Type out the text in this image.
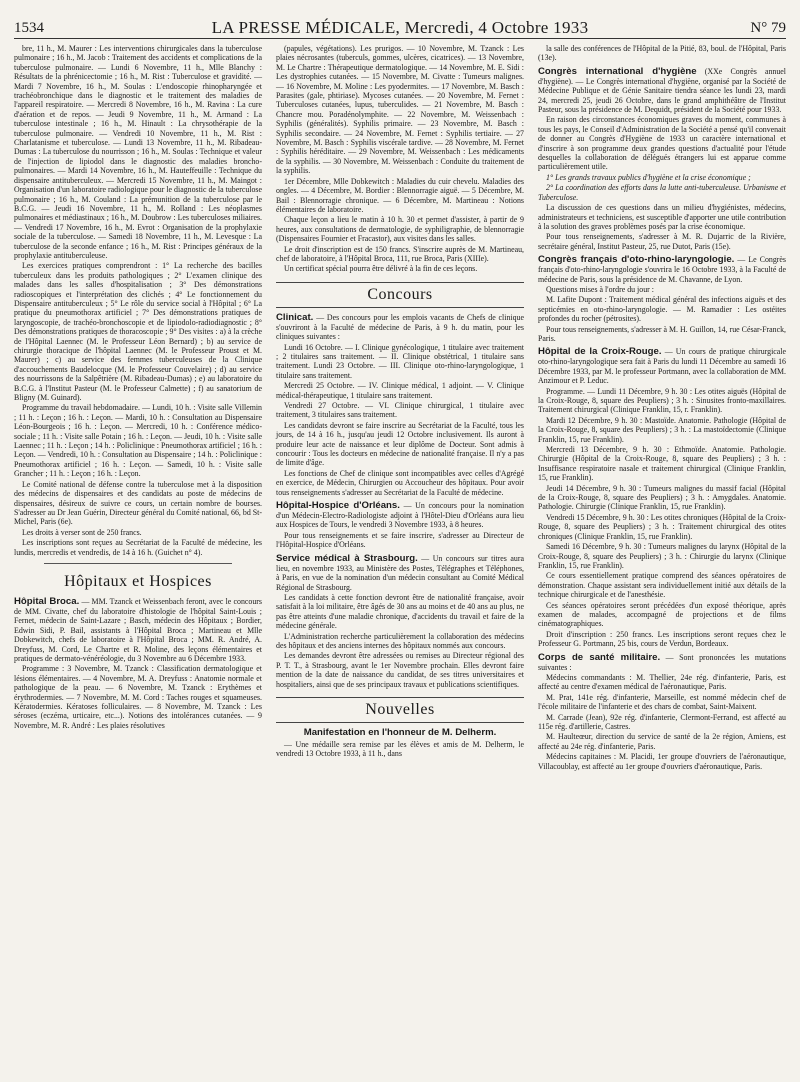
1534	LA PRESSE MÉDICALE, Mercredi, 4 Octobre 1933	N° 79

bre, 11 h., M. Maurer : Les interventions chirurgicales dans la tuberculose pulmonaire ; 16 h., M. Jacob : Traitement des accidents et complications de la tuberculose pulmonaire. — Lundi 6 Novembre, 11 h., Mlle Blanchy : Résultats de la phrénicectomie ; 16 h., M. Rist : Tuberculose et gravidité. — Mardi 7 Novembre, 16 h., M. Soulas : L'endoscopie rhinopharyngée et trachéobronchique dans le diagnostic et le traitement des maladies de l'appareil respiratoire. — Mercredi 8 Novembre, 16 h., M. Ravina : La cure d'aération et de repos. — Jeudi 9 Novembre, 11 h., M. Armand : La tuberculose intestinale ; 16 h., M. Hinault : La chrysothérapie de la tuberculose pulmonaire. — Vendredi 10 Novembre, 11 h., M. Rist : Charlatanisme et tuberculose. — Lundi 13 Novembre, 11 h., M. Ribadeau-Dumas : La tuberculose du nourrisson ; 16 h., M. Soulas : Technique et valeur de l'injection de lipiodol dans le diagnostic des maladies broncho-pulmonaires. — Mardi 14 Novembre, 16 h., M. Hauteffeuille : Technique du dispensaire antituberculeux. — Mercredi 15 Novembre, 11 h., M. Maingot : Organisation d'un laboratoire radiologique pour le diagnostic de la tuberculose pulmonaire ; 16 h., M. Couland : La prémunition de la tuberculose par le B.C.G. — Jeudi 16 Novembre, 11 h., M. Rolland : Les néoplasmes pulmonaires et médiastinaux ; 16 h., M. Doubrow : Les tuberculoses miliaires. — Vendredi 17 Novembre, 16 h., M. Evrot : Organisation de la prophylaxie sociale de la tuberculose. — Samedi 18 Novembre, 11 h., M. Levesque : La tuberculose de la seconde enfance ; 16 h., M. Rist : Principes généraux de la prophylaxie antituberculeuse.

Les exercices pratiques comprendront : 1° La recherche des bacilles tuberculeux dans les produits pathologiques ; 2° L'examen clinique des malades dans les salles d'hospitalisation ; 3° Des démonstrations radioscopiques et l'interprétation des clichés ; 4° Le fonctionnement du Dispensaire antituberculeux ; 5° Le rôle du service social à l'Hôpital ; 6° La pratique du pneumothorax artificiel ; 7° Des démonstrations pratiques de laryngoscopie, de trachéo-bronchoscopie et de lipiodolo-radiodiagnostic ; 8° Des démonstrations pratiques de thoracoscopie ; 9° Des visites : a) à la crèche de l'Hôpital Laennec (M. le Professeur Léon Bernard) ; b) au service de chirurgie thoracique de l'hôpital Laennec (M. le Professeur Proust et M. Maurer) ; c) au service des femmes tuberculeuses de la Clinique d'accouchements Baudelocque (M. le Professeur Couvelaire) ; d) au service des nourrissons de la Salpêtrière (M. Ribadeau-Dumas) ; e) au laboratoire du B.C.G. à l'Institut Pasteur (M. le Professeur Calmette) ; f) au sanatorium de Bligny (M. Guinard).

Programme du travail hebdomadaire. — Lundi, 10 h. : Visite salle Villemin ; 11 h. : Leçon ; 16 h. : Leçon. — Mardi, 10 h. : Consultation au Dispensaire Léon-Bourgeois ; 16 h. : Leçon. — Mercredi, 10 h. : Conférence médico-sociale ; 11 h. : Visite salle Potain ; 16 h. : Leçon. — Jeudi, 10 h. : Visite salle Laennec ; 11 h. : Leçon ; 14 h. : Policlinique : Pneumothorax artificiel ; 16 h. : Leçon. — Vendredi, 10 h. : Consultation au Dispensaire ; 14 h. : Policlinique : Pneumothorax artificiel ; 16 h. : Leçon. — Samedi, 10 h. : Visite salle Grancher ; 11 h. : Leçon ; 16 h. : Leçon.

Le Comité national de défense contre la tuberculose met à la disposition des médecins de dispensaires et des candidats au poste de médecins de dispensaires, désireux de suivre ce cours, un certain nombre de bourses. S'adresser au Dr Jean Guérin, Directeur général du Comité national, 66, bd St-Michel, Paris (6e).

Les droits à verser sont de 250 francs.

Les inscriptions sont reçues au Secrétariat de la Faculté de médecine, les lundis, mercredis et vendredis, de 14 à 16 h. (Guichet n° 4).

Hôpitaux et Hospices

Hôpital Broca. — MM. Tzanck et Weissenbach feront, avec le concours de MM. Civatte, chef du laboratoire d'histologie de l'hôpital Saint-Louis ; Fernet, médecin de Saint-Lazare ; Basch, médecin des Hôpitaux ; Bordier, Edwin Sidi, P. Bail, assistants à l'Hôpital Broca ; Martineau et Mlle Dobkewitch, chefs de laboratoire à l'Hôpital Broca ; MM. R. André, A. Dreyfuss, M. Cord, Le Chartre et R. Moline, des leçons élémentaires et pratiques de dermato-vénéréologie, du 3 Novembre au 6 Décembre 1933.

Programme : 3 Novembre, M. Tzanck : Classification dermatologique et lésions élémentaires. — 4 Novembre, M. A. Dreyfuss : Anatomie normale et pathologique de la peau. — 6 Novembre, M. Tzanck : Erythèmes et érythrodermies. — 7 Novembre, M. M. Cord : Taches rouges et squameuses. Kératodermies. Kératoses folliculaires. — 8 Novembre, M. Tzanck : Les séroses (eczéma, urticaire, etc...). Notions des intolérances cutanées. — 9 Novembre, M. R. André : Les plaies résolutives

(papules, végétations). Les prurigos. — 10 Novembre, M. Tzanck : Les plaies nécrosantes (tuberculs, gommes, ulcères, cicatrices). — 13 Novembre, M. Le Chartre : Thérapeutique dermatologique. — 14 Novembre, M. E. Sidi : Les dystrophies cutanées. — 15 Novembre, M. Civatte : Tumeurs malignes. — 16 Novembre, M. Moline : Les pyodermites. — 17 Novembre, M. Basch : Parasites (gale, phtiriase). Mycoses cutanées. — 20 Novembre, M. Fernet : Tuberculoses cutanées, lupus, tuberculides. — 21 Novembre, M. Basch : Chancre mou. Poradénolymphite. — 22 Novembre, M. Weissenbach : Syphilis (généralités). Syphilis primaire. — 23 Novembre, M. Basch : Syphilis secondaire. — 24 Novembre, M. Fernet : Syphilis tertiaire. — 27 Novembre, M. Basch : Syphilis viscérale tardive. — 28 Novembre, M. Fernet : Syphilis héréditaire. — 29 Novembre, M. Weissenbach : Les médicaments de la syphilis. — 30 Novembre, M. Weissenbach : Conduite du traitement de la syphilis.

1er Décembre, Mlle Dobkewitch : Maladies du cuir chevelu. Maladies des ongles. — 4 Décembre, M. Bordier : Blennorragie aiguë. — 5 Décembre, M. Bail : Blennorragie chronique. — 6 Décembre, M. Martineau : Notions élémentaires de laboratoire.

Chaque leçon a lieu le matin à 10 h. 30 et permet d'assister, à partir de 9 heures, aux consultations de dermatologie, de syphiligraphie, de blennorragie (Dispensaires Fournier et Fracastor), aux visites dans les salles.

Le droit d'inscription est de 150 francs. S'inscrire auprès de M. Martineau, chef de laboratoire, à l'Hôpital Broca, 111, rue Broca, Paris (XIIIe).

Un certificat spécial pourra être délivré à la fin de ces leçons.

Concours

Clinicat. — Des concours pour les emplois vacants de Chefs de clinique s'ouvriront à la Faculté de médecine de Paris, à 9 h. du matin, pour les cliniques suivantes :

Lundi 16 Octobre. — I. Clinique gynécologique, 1 titulaire avec traitement ; 2 titulaires sans traitement. — II. Clinique obstétrical, 1 titulaire sans traitement. Lundi 23 Octobre. — III. Clinique oto-rhino-laryngologique, 1 titulaire sans traitement.

Mercredi 25 Octobre. — IV. Clinique médical, 1 adjoint. — V. Clinique médical-thérapeutique, 1 titulaire sans traitement.

Vendredi 27 Octobre. — VI. Clinique chirurgical, 1 titulaire avec traitement, 3 titulaires sans traitement.

Les candidats devront se faire inscrire au Secrétariat de la Faculté, tous les jours, de 14 à 16 h., jusqu'au jeudi 12 Octobre inclusivement. Ils auront à produire leur acte de naissance et leur diplôme de Docteur. Sont admis à concourir : Tous les docteurs en médecine de nationalité française. Il n'y a pas de limite d'âge.

Les fonctions de Chef de clinique sont incompatibles avec celles d'Agrégé en exercice, de Médecin, Chirurgien ou Accoucheur des hôpitaux. Pour avoir tous renseignements s'adresser au Secrétariat de la Faculté de médecine.

Hôpital-Hospice d'Orléans. — Un concours pour la nomination d'un Médecin-Electro-Radiologiste adjoint à l'Hôtel-Dieu d'Orléans aura lieu aux Hospices de Tours, le vendredi 3 Novembre 1933, à 8 heures.

Pour tous renseignements et se faire inscrire, s'adresser au Directeur de l'Hôpital-Hospice d'Orléans.

Service médical à Strasbourg. — Un concours sur titres aura lieu, en novembre 1933, au Ministère des Postes, Télégraphes et Téléphones, à Paris, en vue de la nomination d'un médecin consultant au Comité Médical Régional de Strasbourg.

Les candidats à cette fonction devront être de nationalité française, avoir satisfait à la loi militaire, être âgés de 30 ans au moins et de 40 ans au plus, ne pas être atteints d'une maladie chronique, d'accidents du travail et faire de la médecine générale.

L'Administration recherche particulièrement la collaboration des médecins des hôpitaux et des anciens internes des hôpitaux nommés aux concours.

Les demandes devront être adressées ou remises au Directeur régional des P. T. T., à Strasbourg, avant le 1er Novembre prochain. Elles devront faire mention de la date de naissance du candidat, de ses titres universitaires et hospitaliers, ainsi que de ses principaux travaux et publications scientifiques.

Nouvelles
Manifestation en l'honneur de M. Delherm.

— Une médaille sera remise par les élèves et amis de M. Delherm, le vendredi 13 Octobre 1933, à 11 h., dans

la salle des conférences de l'Hôpital de la Pitié, 83, boul. de l'Hôpital, Paris (13e).

Congrès international d'hygiène (XXe Congrès annuel d'hygiène). — Le Congrès international d'hygiène, organisé par la Société de Médecine Publique et de Génie Sanitaire tiendra séance les lundi 23, mardi 24, mercredi 25, jeudi 26 Octobre, dans le grand amphithéâtre de l'Institut Pasteur, sous la présidence de M. Dequidt, président de la Société pour 1933.

En raison des circonstances économiques graves du moment, communes à tous les pays, le Conseil d'Administration de la Société a pensé qu'il convenait de donner au Congrès d'Hygiène de 1933 un caractère international et d'inscrire à son programme deux grandes questions d'actualité pour l'étude desquelles la collaboration de délégués étrangers lui est apparue comme particulièrement utile.

1° Les grands travaux publics d'hygiène et la crise économique ;

2° La coordination des efforts dans la lutte anti-tuberculeuse. Urbanisme et Tuberculose.

La discussion de ces questions dans un milieu d'hygiénistes, médecins, administrateurs et techniciens, est susceptible d'apporter une utile contribution à la solution des graves problèmes posés par la crise économique.

Pour tous renseignements, s'adresser à M. R. Dujarric de la Rivière, secrétaire général, Institut Pasteur, 25, rue Dutot, Paris (15e).

Congrès français d'oto-rhino-laryngologie. — Le Congrès français d'oto-rhino-laryngologie s'ouvrira le 16 Octobre 1933, à la Faculté de médecine de Paris, sous la présidence de M. Chavanne, de Lyon.

Questions mises à l'ordre du jour :

M. Lafite Dupont : Traitement médical général des infections aiguës et des septicémies en oto-rhino-laryngologie. — M. Ramadier : Les ostéites profondes du rocher (pétrosites).

Pour tous renseignements, s'adresser à M. H. Guillon, 14, rue César-Franck, Paris.

Hôpital de la Croix-Rouge. — Un cours de pratique chirurgicale oto-rhino-laryngologique sera fait à Paris du lundi 11 Décembre au samedi 16 Décembre 1933, par M. le professeur Portmann, avec la collaboration de MM. Anzimour et P. Leduc.

Programme. — Lundi 11 Décembre, 9 h. 30 : Les otites aiguës (Hôpital de la Croix-Rouge, 8, square des Peupliers) ; 3 h. : Sinusites fronto-maxillaires. Traitement chirurgical (Clinique Franklin, 15, r. Franklin).

Mardi 12 Décembre, 9 h. 30 : Mastoïde. Anatomie. Pathologie (Hôpital de la Croix-Rouge, 8, square des Peupliers) ; 3 h. : La mastoïdectomie (Clinique Franklin, 15, rue Franklin).

Mercredi 13 Décembre, 9 h. 30 : Ethmoïde. Anatomie. Pathologie. Chirurgie (Hôpital de la Croix-Rouge, 8, square des Peupliers) ; 3 h. : Insuffisance respiratoire nasale et traitement chirurgical (Clinique Franklin, 15, rue Franklin).

Jeudi 14 Décembre, 9 h. 30 : Tumeurs malignes du massif facial (Hôpital de la Croix-Rouge, 8, square des Peupliers) ; 3 h. : Amygdales. Anatomie. Pathologie. Chirurgie (Clinique Franklin, 15, rue Franklin).

Vendredi 15 Décembre, 9 h. 30 : Les otites chroniques (Hôpital de la Croix-Rouge, 8, square des Peupliers) ; 3 h. : Traitement chirurgical des otites chroniques (Clinique Franklin, 15, rue Franklin).

Samedi 16 Décembre, 9 h. 30 : Tumeurs malignes du larynx (Hôpital de la Croix-Rouge, 8, square des Peupliers) ; 3 h. : Chirurgie du larynx (Clinique Franklin, 15, rue Franklin).

Ce cours essentiellement pratique comprend des séances opératoires de démonstration. Chaque assistant sera individuellement initié aux détails de la technique chirurgicale et de l'anesthésie.

Ces séances opératoires seront précédées d'un exposé théorique, après examen de malades, accompagné de projections et de films cinématographiques.

Droit d'inscription : 250 francs. Les inscriptions seront reçues chez le Professeur G. Portmann, 25 bis, cours de Verdun, Bordeaux.

Corps de santé militaire. — Sont prononcées les mutations suivantes :

Médecins commandants : M. Thellier, 24e rég. d'infanterie, Paris, est affecté au centre d'examen médical de l'aéronautique, Paris.

M. Prat, 141e rég. d'infanterie, Marseille, est nommé médecin chef de l'école militaire de l'infanterie et des chars de combat, Saint-Maixent.

M. Carrade (Jean), 92e rég. d'infanterie, Clermont-Ferrand, est affecté au 115e rég. d'artillerie, Castres.

M. Haulteœur, direction du service de santé de la 2e région, Amiens, est affecté au 24e rég. d'infanterie, Paris.

Médecins capitaines : M. Placidi, 1er groupe d'ouvriers de l'aéronautique, Villacoublay, est affecté au 1er groupe d'ouvriers d'aéronautique, Paris.
